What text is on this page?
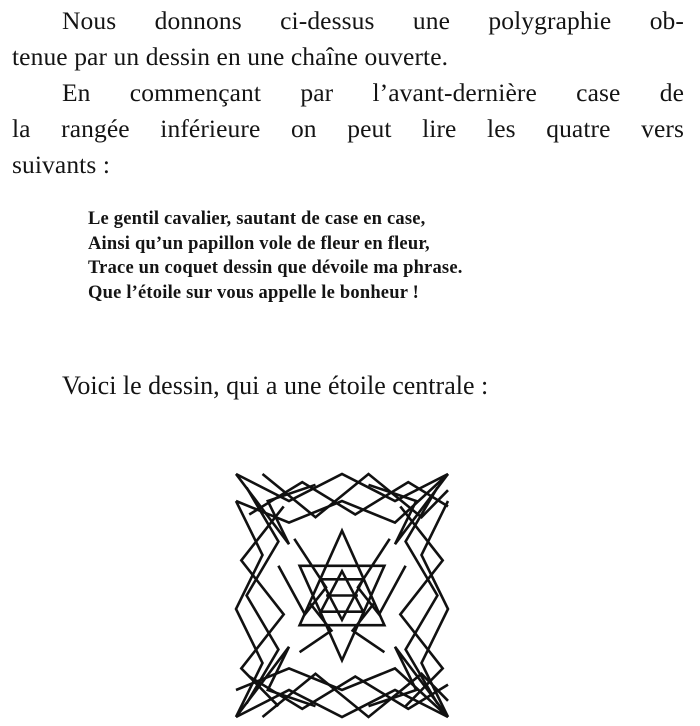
Nous donnons ci-dessus une polygraphie ob-
tenue par un dessin en une chaîne ouverte.

En commençant par l’avant-dernière case de
la rangée inférieure on peut lire les quatre vers
suivants :

Le gentil cavalier, sautant de case en case,
Ainsi qu’un papillon vole de fleur en fleur,
Trace un coquet dessin que dévoile ma phrase.
Que l’étoile sur vous appelle le bonheur !

Voici le dessin, qui a une étoile centrale :
